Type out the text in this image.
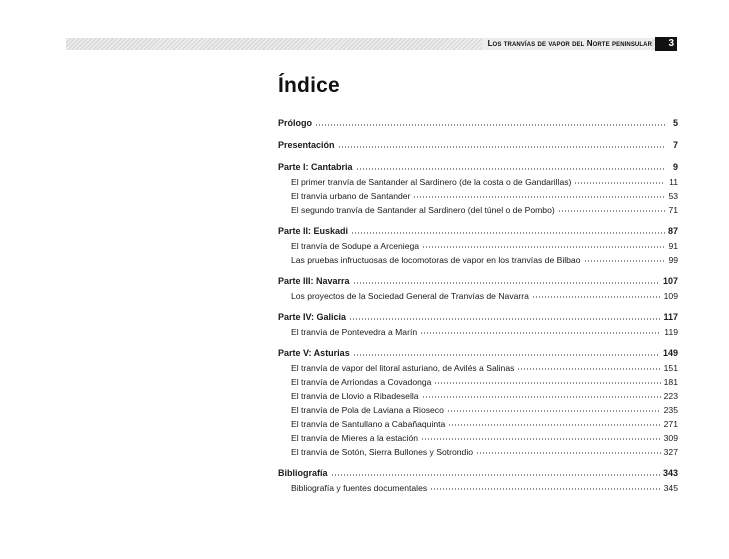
Los tranvías de vapor del Norte peninsular	3
Índice
Prólogo	5
Presentación	7
Parte I: Cantabria	9
El primer tranvía de Santander al Sardinero (de la costa o de Gandarillas)	11
El tranvía urbano de Santander	53
El segundo tranvía de Santander al Sardinero (del túnel o de Pombo)	71
Parte II: Euskadi	87
El tranvía de Sodupe a Arceniega	91
Las pruebas infructuosas de locomotoras de vapor en los tranvías de Bilbao	99
Parte III: Navarra	107
Los proyectos de la Sociedad General de Tranvías de Navarra	109
Parte IV: Galicia	117
El tranvía de Pontevedra a Marín	119
Parte V: Asturias	149
El tranvía de vapor del litoral asturiano, de Avilés a Salinas	151
El tranvía de Arriondas a Covadonga	181
El tranvía de Llovio a Ribadesella	223
El tranvía de Pola de Laviana a Rioseco	235
El tranvía de Santullano a Cabañaquinta	271
El tranvía de Mieres a la estación	309
El tranvía de Sotón, Sierra Bullones y Sotrondio	327
Bibliografía	343
Bibliografía y fuentes documentales	345
